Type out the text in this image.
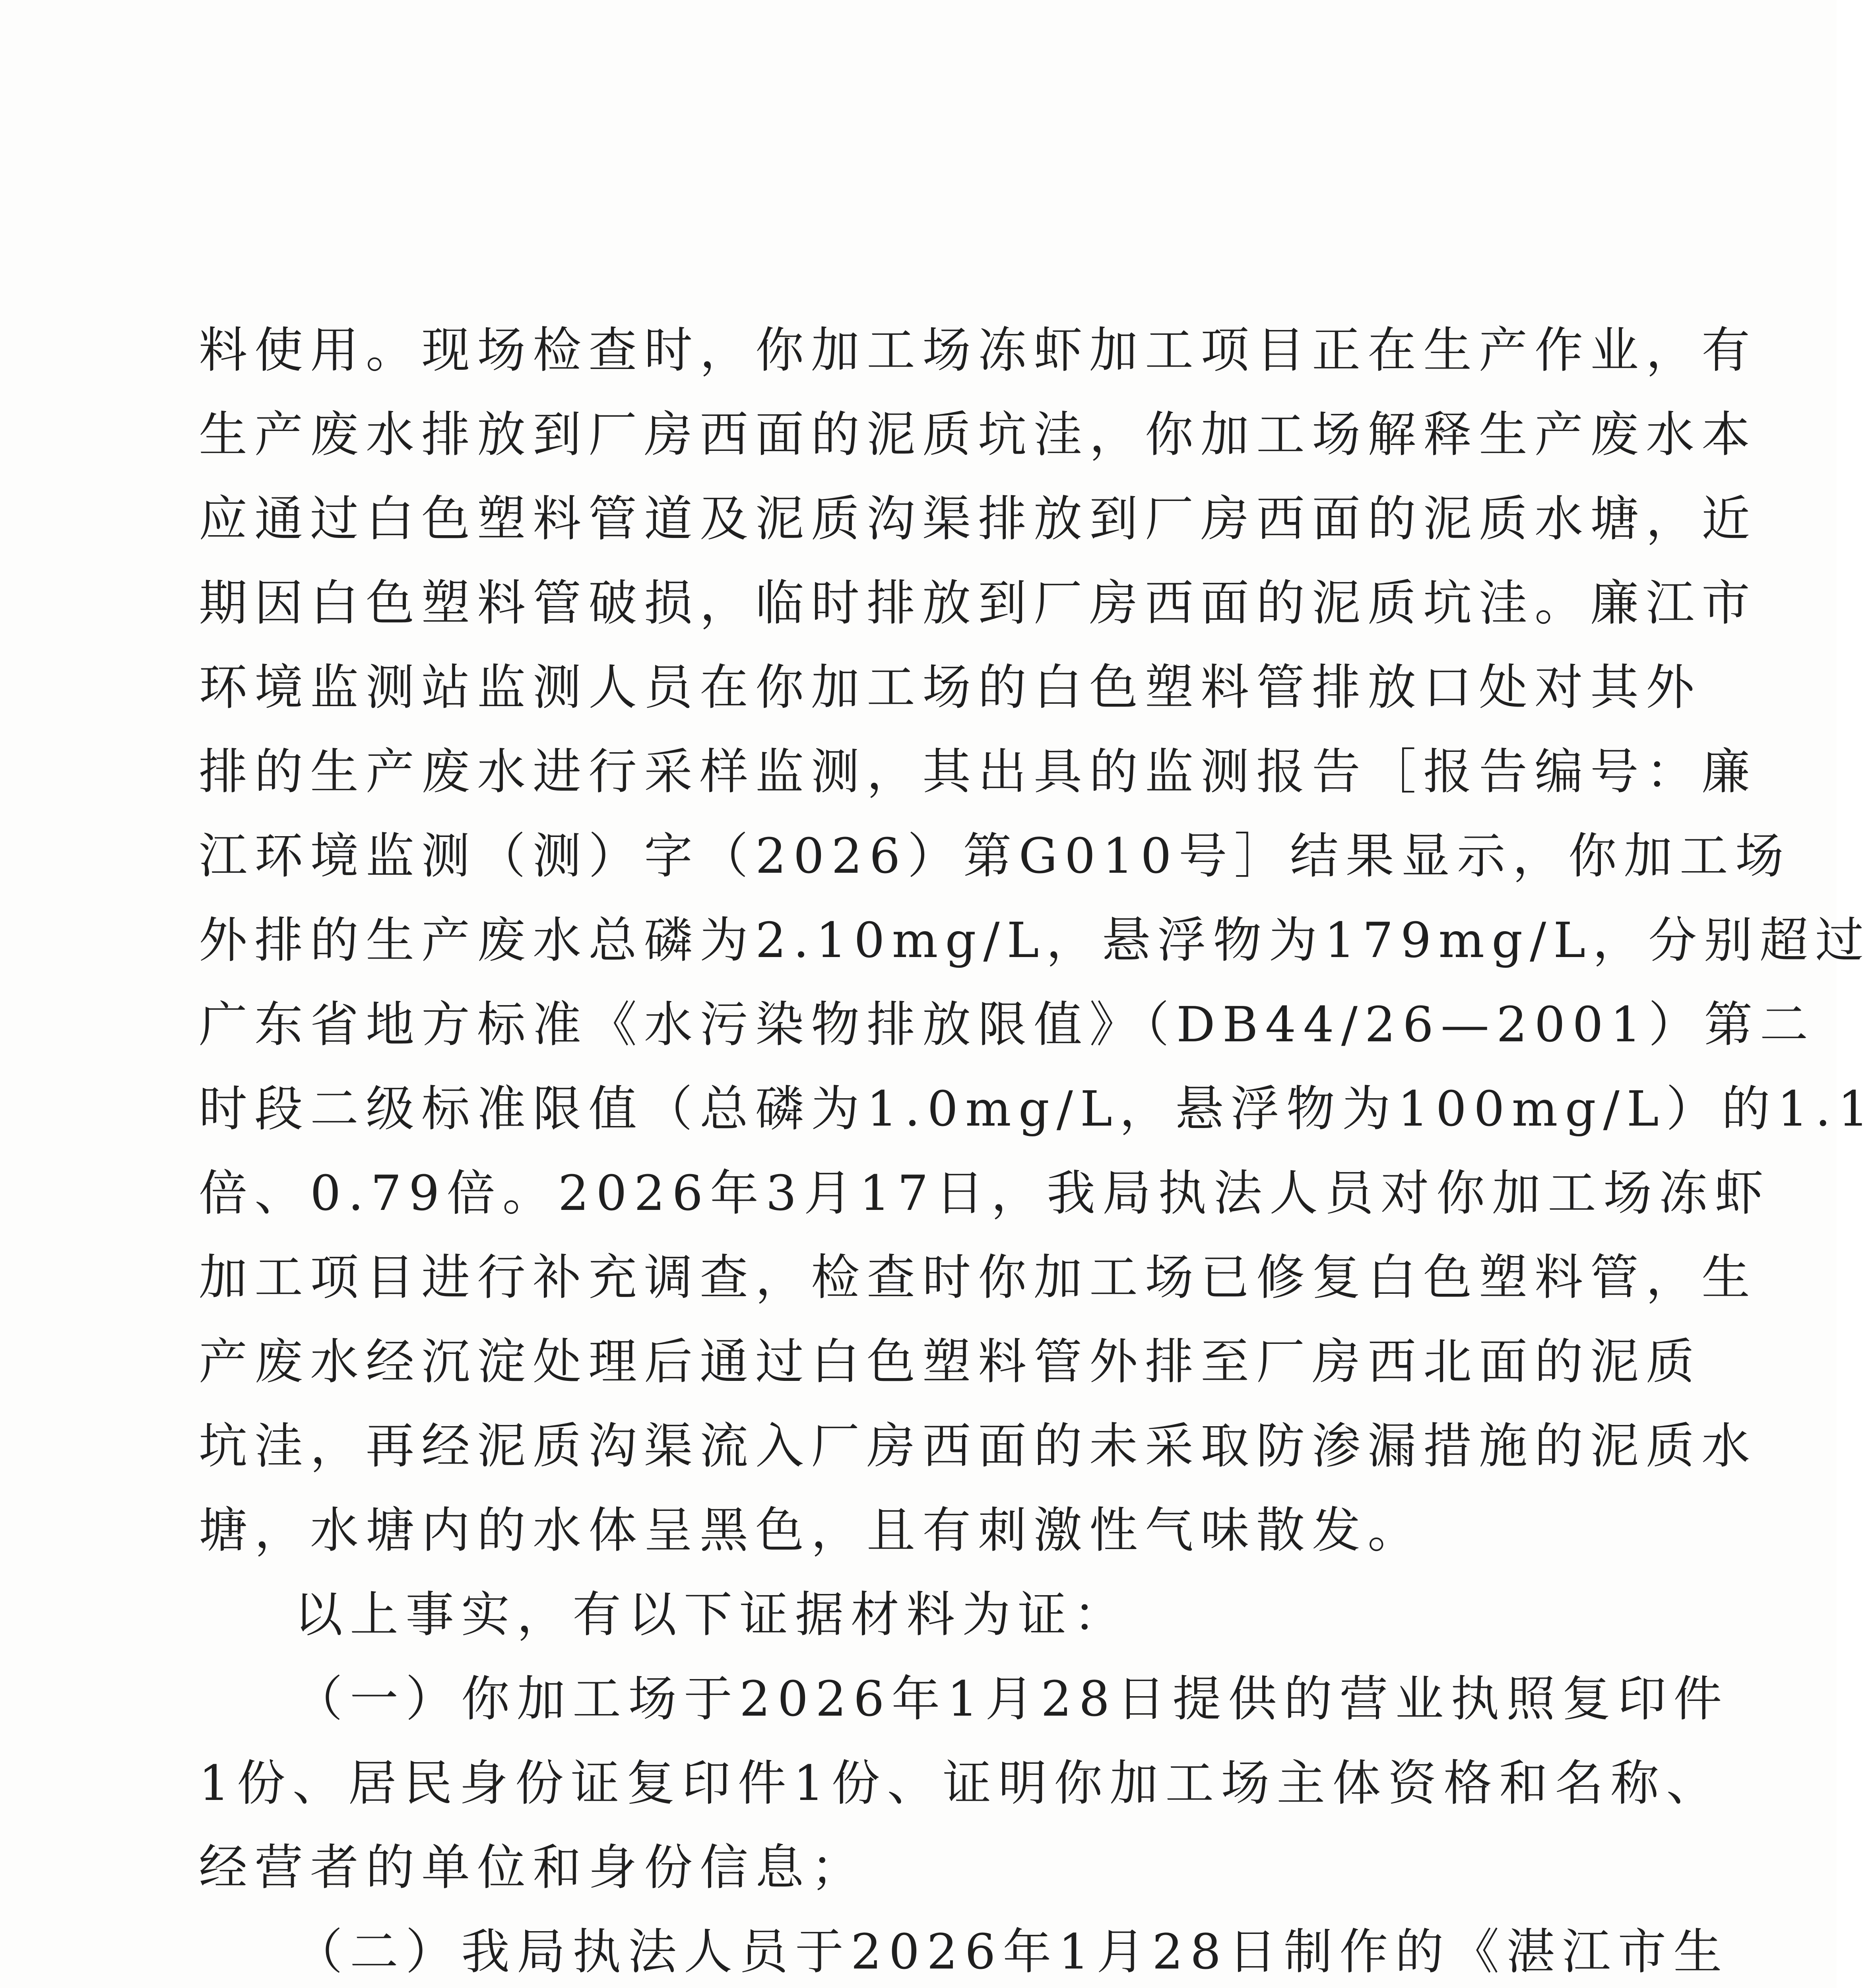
料使用。现场检查时，你加工场冻虾加工项目正在生产作业，有
生产废水排放到厂房西面的泥质坑洼，你加工场解释生产废水本
应通过白色塑料管道及泥质沟渠排放到厂房西面的泥质水塘，近
期因白色塑料管破损，临时排放到厂房西面的泥质坑洼。廉江市
环境监测站监测人员在你加工场的白色塑料管排放口处对其外
排的生产废水进行采样监测，其出具的监测报告［报告编号：廉
江环境监测（测）字（2026）第G010号］结果显示，你加工场
外排的生产废水总磷为2.10mg/L，悬浮物为179mg/L，分别超过
广东省地方标准《水污染物排放限值》（DB44/26—2001）第二
时段二级标准限值（总磷为1.0mg/L，悬浮物为100mg/L）的1.1
倍、0.79倍。2026年3月17日，我局执法人员对你加工场冻虾
加工项目进行补充调查，检查时你加工场已修复白色塑料管，生
产废水经沉淀处理后通过白色塑料管外排至厂房西北面的泥质
坑洼，再经泥质沟渠流入厂房西面的未采取防渗漏措施的泥质水
塘，水塘内的水体呈黑色，且有刺激性气味散发。
以上事实，有以下证据材料为证：
（一）你加工场于2026年1月28日提供的营业执照复印件
1份、居民身份证复印件1份、证明你加工场主体资格和名称、
经营者的单位和身份信息；
（二）我局执法人员于2026年1月28日制作的《湛江市生
